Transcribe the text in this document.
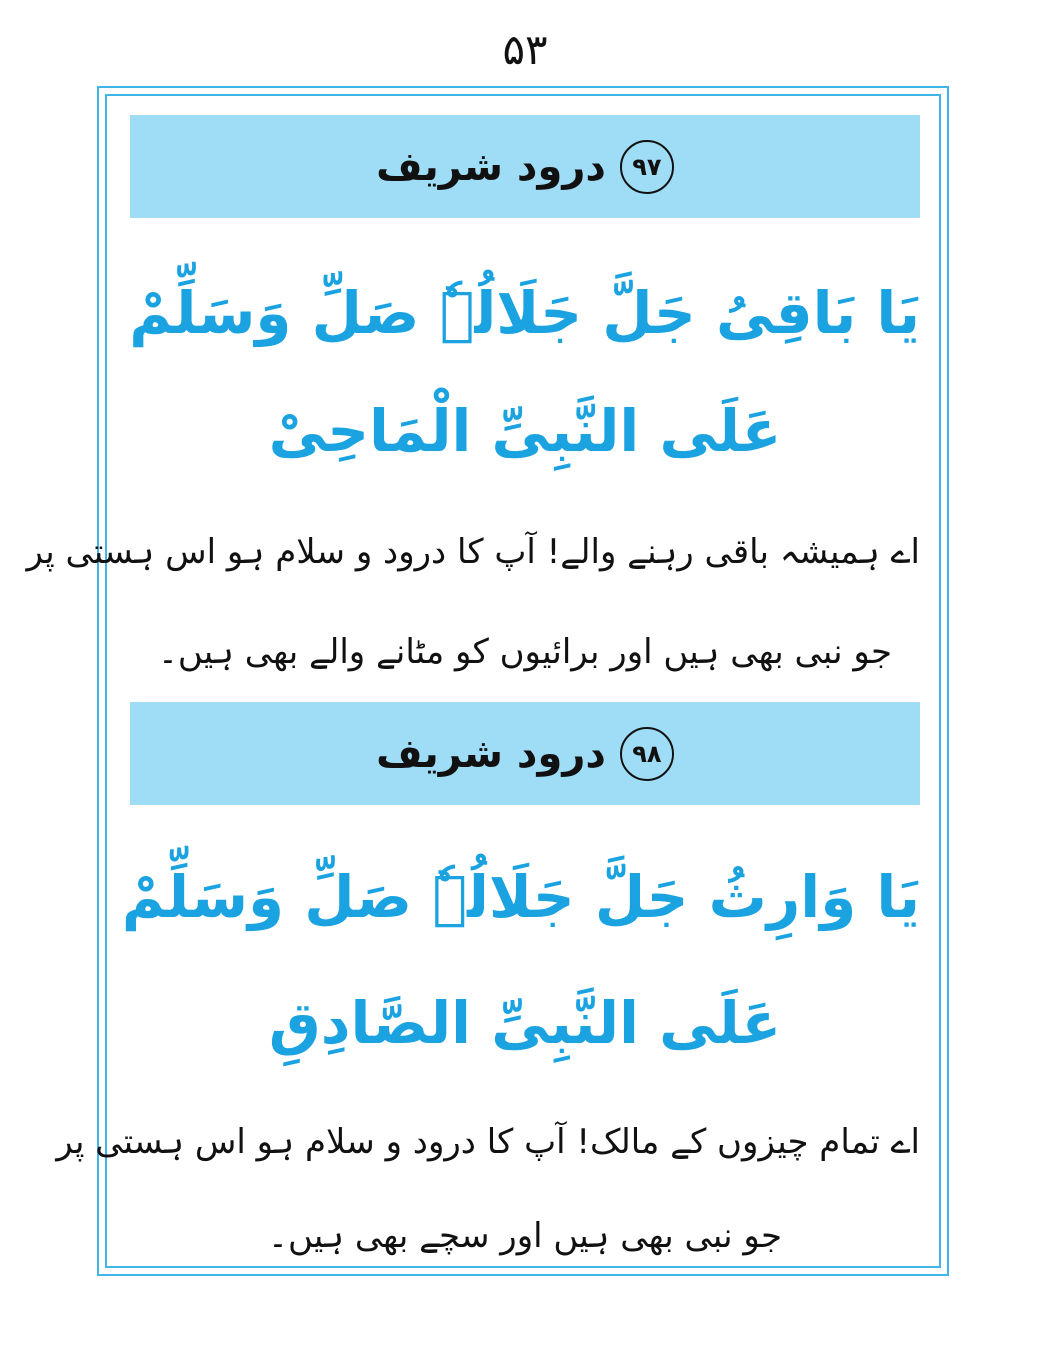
۵۳
۹۷
درود شریف
یَا بَاقِیُ جَلَّ جَلَالُہٗ صَلِّ وَسَلِّمْ
عَلَى النَّبِیِّ الْمَاحِیْ
اے ہمیشہ باقی رہنے والے! آپ کا درود و سلام ہو اس ہستی پر
جو نبی بھی ہیں اور برائیوں کو مٹانے والے بھی ہیں۔
۹۸
درود شریف
یَا وَارِثُ جَلَّ جَلَالُہٗ صَلِّ وَسَلِّمْ
عَلَى النَّبِیِّ الصَّادِقِ
اے تمام چیزوں کے مالک! آپ کا درود و سلام ہو اس ہستی پر
جو نبی بھی ہیں اور سچے بھی ہیں۔
